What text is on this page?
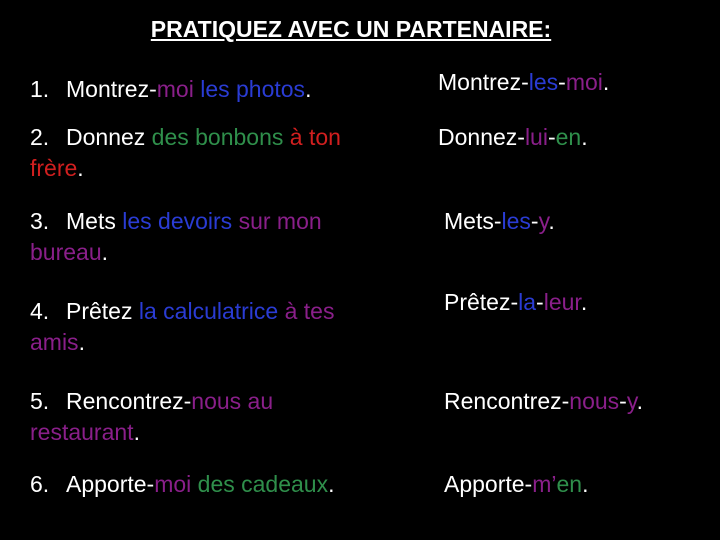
PRATIQUEZ AVEC UN PARTENAIRE:
1. Montrez-moi les photos.	Montrez-les-moi.
2. Donnez des bonbons à ton
frère.
Donnez-lui-en.
3. Mets les devoirs sur mon
bureau.
Mets-les-y.
4. Prêtez la calculatrice à tes
amis.
Prêtez-la-leur.
5. Rencontrez-nous au
restaurant.
Rencontrez-nous-y.
6. Apporte-moi des cadeaux.	Apporte-m’en.
